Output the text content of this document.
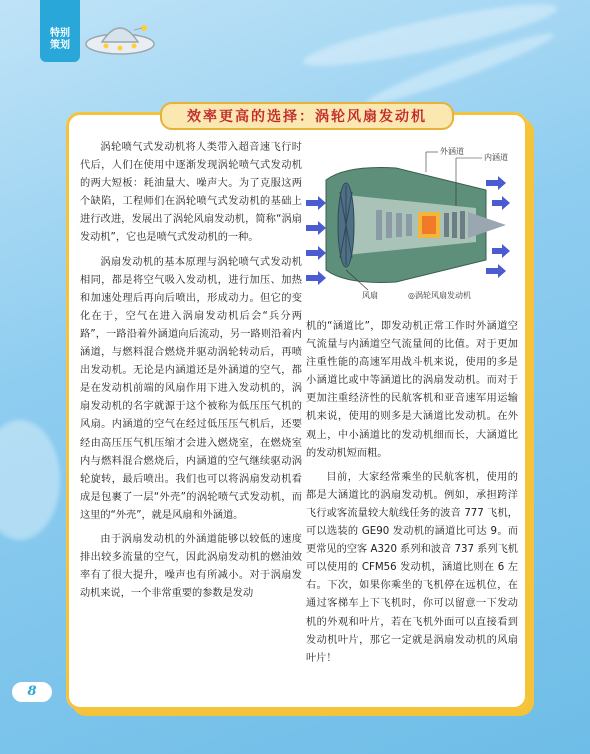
特别
策划
效率更高的选择：涡轮风扇发动机
外涵道
内涵道
风扇	◎涡轮风扇发动机

涡轮喷气式发动机将人类带入超音速飞行时代后，人们在使用中逐渐发现涡轮喷气式发动机的两大短板：耗油量大、噪声大。为了克服这两个缺陷，工程师们在涡轮喷气式发动机的基础上进行改进，发展出了涡轮风扇发动机，简称“涡扇发动机”，它也是喷气式发动机的一种。

涡扇发动机的基本原理与涡轮喷气式发动机相同，都是将空气吸入发动机，进行加压、加热和加速处理后再向后喷出，形成动力。但它的变化在于，空气在进入涡扇发动机后会“兵分两路”，一路沿着外涵道向后流动，另一路则沿着内涵道，与燃料混合燃烧并驱动涡轮转动后，再喷出发动机。无论是内涵道还是外涵道的空气，都是在发动机前端的风扇作用下进入发动机的，涡扇发动机的名字就源于这个被称为低压压气机的风扇。内涵道的空气在经过低压压气机后，还要经由高压压气机压缩才会进入燃烧室，在燃烧室内与燃料混合燃烧后，内涵道的空气继续驱动涡轮旋转，最后喷出。我们也可以将涡扇发动机看成是包裹了一层“外壳”的涡轮喷气式发动机，而这里的“外壳”，就是风扇和外涵道。

由于涡扇发动机的外涵道能够以较低的速度排出较多流量的空气，因此涡扇发动机的燃油效率有了很大提升，噪声也有所减小。对于涡扇发动机来说，一个非常重要的参数是发动

机的“涵道比”，即发动机正常工作时外涵道空气流量与内涵道空气流量间的比值。对于更加注重性能的高速军用战斗机来说，使用的多是小涵道比或中等涵道比的涡扇发动机。而对于更加注重经济性的民航客机和亚音速军用运输机来说，使用的则多是大涵道比发动机。在外观上，中小涵道比的发动机细而长，大涵道比的发动机短而粗。

目前，大家经常乘坐的民航客机，使用的都是大涵道比的涡扇发动机。例如，承担跨洋飞行或客流量较大航线任务的波音 777 飞机，可以选装的 GE90 发动机的涵道比可达 9。而更常见的空客 A320 系列和波音 737 系列飞机可以使用的 CFM56 发动机，涵道比则在 6 左右。下次，如果你乘坐的飞机停在远机位，在通过客梯车上下飞机时，你可以留意一下发动机的外观和叶片，若在飞机外面可以直接看到发动机叶片，那它一定就是涡扇发动机的风扇叶片！

8
